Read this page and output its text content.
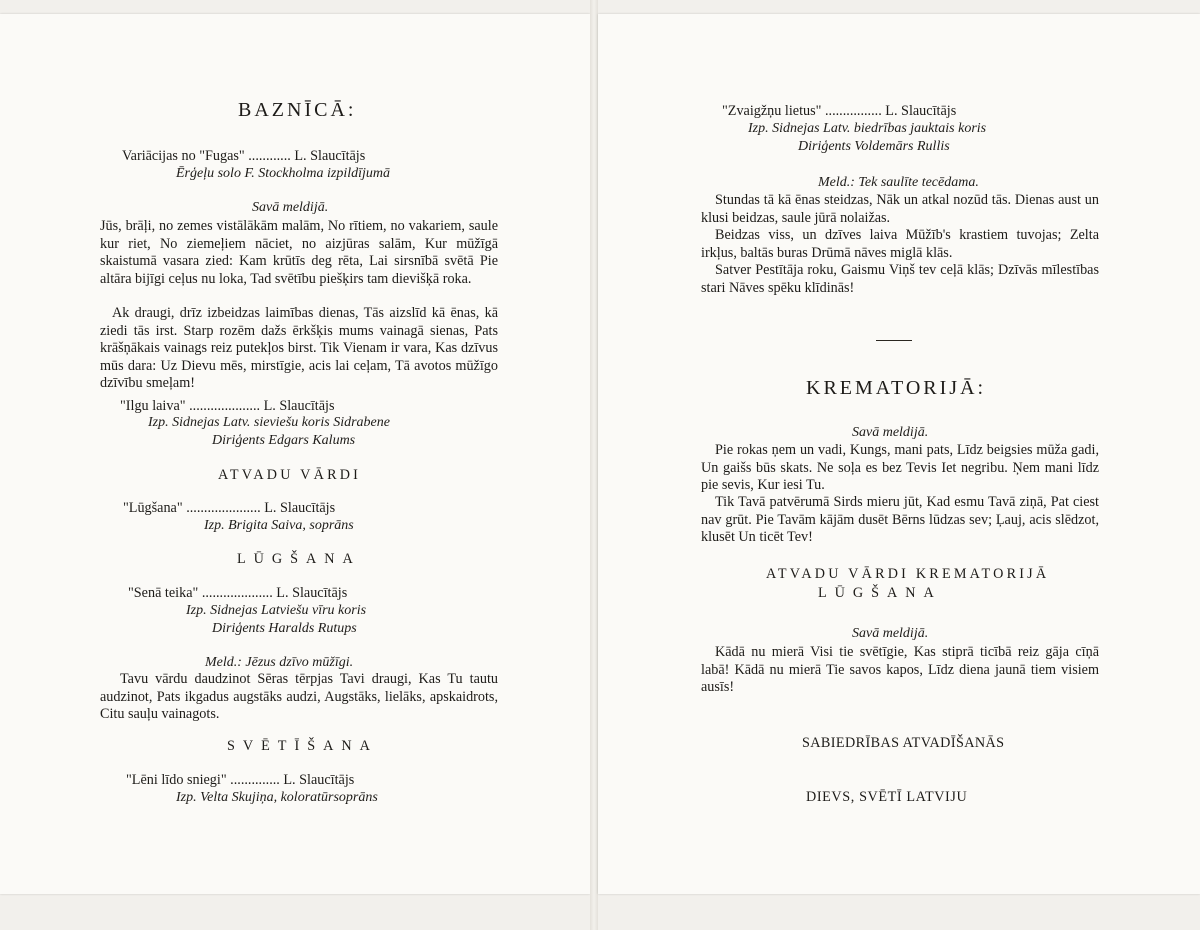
BAZNĪCĀ:
Variācijas no "Fugas" ............ L. Slaucītājs
Ērģeļu solo F. Stockholma izpildījumā
Savā meldijā.

Jūs, brāļi, no zemes vistālākām malām, No rītiem, no vakariem, saule kur riet, No ziemeļiem nāciet, no aizjūras salām, Kur mūžīgā skaistumā vasara zied: Kam krūtīs deg rēta, Lai sirsnībā svētā Pie altāra bijīgi ceļus nu loka, Tad svētību piešķirs tam dievišķā roka.

Ak draugi, drīz izbeidzas laimības dienas, Tās aizslīd kā ēnas, kā ziedi tās irst. Starp rozēm dažs ērkšķis mums vainagā sienas, Pats krāšņākais vainags reiz putekļos birst. Tik Vienam ir vara, Kas dzīvus mūs dara: Uz Dievu mēs, mirstīgie, acis lai ceļam, Tā avotos mūžīgo dzīvību smeļam!

"Ilgu laiva" .................... L. Slaucītājs
Izp. Sidnejas Latv. sieviešu koris Sidrabene
Diriģents Edgars Kalums
ATVADU VĀRDI
"Lūgšana" ..................... L. Slaucītājs
Izp. Brigita Saiva, soprāns
LŪGŠANA
"Senā teika" .................... L. Slaucītājs
Izp. Sidnejas Latviešu vīru koris
Diriģents Haralds Rutups
Meld.: Jēzus dzīvo mūžīgi.

Tavu vārdu daudzinot Sēras tērpjas Tavi draugi, Kas Tu tautu audzinot, Pats ikgadus augstāks audzi, Augstāks, lielāks, apskaidrots, Citu sauļu vainagots.

SVĒTĪŠANA
"Lēni līdo sniegi" .............. L. Slaucītājs
Izp. Velta Skujiņa, koloratūrsoprāns
"Zvaigžņu lietus" ................ L. Slaucītājs
Izp. Sidnejas Latv. biedrības jauktais koris
Diriģents Voldemārs Rullis
Meld.: Tek saulīte tecēdama.

Stundas tā kā ēnas steidzas, Nāk un atkal nozūd tās. Dienas aust un klusi beidzas, saule jūrā nolaižas.

Beidzas viss, un dzīves laiva Mūžīb's krastiem tuvojas; Zelta irkļus, baltās buras Drūmā nāves miglā klās.

Satver Pestītāja roku, Gaismu Viņš tev ceļā klās; Dzīvās mīlestības stari Nāves spēku klīdinās!

KREMATORIJĀ:
Savā meldijā.

Pie rokas ņem un vadi, Kungs, mani pats, Līdz beigsies mūža gadi, Un gaišs būs skats. Ne soļa es bez Tevis Iet negribu. Ņem mani līdz pie sevis, Kur iesi Tu.

Tik Tavā patvērumā Sirds mieru jūt, Kad esmu Tavā ziņā, Pat ciest nav grūt. Pie Tavām kājām dusēt Bērns lūdzas sev; Ļauj, acis slēdzot, klusēt Un ticēt Tev!

ATVADU VĀRDI KREMATORIJĀ
LŪGŠANA
Savā meldijā.

Kādā nu mierā Visi tie svētīgie, Kas stiprā ticībā reiz gāja cīņā labā! Kādā nu mierā Tie savos kapos, Līdz diena jaunā tiem visiem ausīs!

SABIEDRĪBAS ATVADĪŠANĀS
DIEVS, SVĒTĪ LATVIJU
